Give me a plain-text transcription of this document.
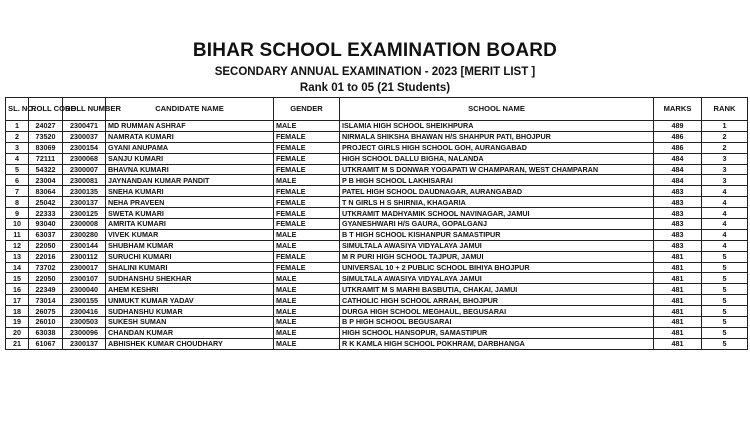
BIHAR SCHOOL EXAMINATION BOARD
SECONDARY ANNUAL EXAMINATION - 2023 [MERIT LIST ]
Rank 01 to 05 (21 Students)
SL. NO.	ROLL CODE	ROLL NUMBER	CANDIDATE NAME	GENDER	SCHOOL NAME	MARKS	RANK
1	24027	2300471	MD RUMMAN ASHRAF	MALE	ISLAMIA HIGH SCHOOL SHEIKHPURA	489	1
2	73520	2300037	NAMRATA KUMARI	FEMALE	NIRMALA SHIKSHA BHAWAN H/S SHAHPUR PATI, BHOJPUR	486	2
3	83069	2300154	GYANI ANUPAMA	FEMALE	PROJECT GIRLS HIGH SCHOOL GOH, AURANGABAD	486	2
4	72111	2300068	SANJU KUMARI	FEMALE	HIGH SCHOOL DALLU BIGHA, NALANDA	484	3
5	54322	2300007	BHAVNA KUMARI	FEMALE	UTKRAMIT M S DONWAR YOGAPATI W CHAMPARAN, WEST CHAMPARAN	484	3
6	23004	2300081	JAYNANDAN KUMAR PANDIT	MALE	P B HIGH SCHOOL LAKHISARAI	484	3
7	83064	2300135	SNEHA KUMARI	FEMALE	PATEL HIGH SCHOOL DAUDNAGAR, AURANGABAD	483	4
8	25042	2300137	NEHA PRAVEEN	FEMALE	T N GIRLS H S SHIRNIA, KHAGARIA	483	4
9	22333	2300125	SWETA KUMARI	FEMALE	UTKRAMIT MADHYAMIK SCHOOL NAVINAGAR, JAMUI	483	4
10	93040	2300008	AMRITA KUMARI	FEMALE	GYANESHWARI H/S GAURA, GOPALGANJ	483	4
11	63037	2300280	VIVEK KUMAR	MALE	B T HIGH SCHOOL KISHANPUR SAMASTIPUR	483	4
12	22050	2300144	SHUBHAM KUMAR	MALE	SIMULTALA AWASIYA VIDYALAYA JAMUI	483	4
13	22016	2300112	SURUCHI KUMARI	FEMALE	M R PURI HIGH SCHOOL TAJPUR, JAMUI	481	5
14	73702	2300017	SHALINI KUMARI	FEMALE	UNIVERSAL 10 + 2 PUBLIC SCHOOL BIHIYA BHOJPUR	481	5
15	22050	2300107	SUDHANSHU SHEKHAR	MALE	SIMULTALA AWASIYA VIDYALAYA JAMUI	481	5
16	22349	2300040	AHEM KESHRI	MALE	UTKRAMIT M S MARHI BASBUTIA, CHAKAI, JAMUI	481	5
17	73014	2300155	UNMUKT KUMAR YADAV	MALE	CATHOLIC HIGH SCHOOL ARRAH, BHOJPUR	481	5
18	26075	2300416	SUDHANSHU KUMAR	MALE	DURGA HIGH SCHOOL MEGHAUL, BEGUSARAI	481	5
19	26010	2300503	SUKESH SUMAN	MALE	B P HIGH SCHOOL BEGUSARAI	481	5
20	63038	2300096	CHANDAN KUMAR	MALE	HIGH SCHOOL HANSOPUR, SAMASTIPUR	481	5
21	61067	2300137	ABHISHEK KUMAR CHOUDHARY	MALE	R K KAMLA HIGH SCHOOL POKHRAM, DARBHANGA	481	5
